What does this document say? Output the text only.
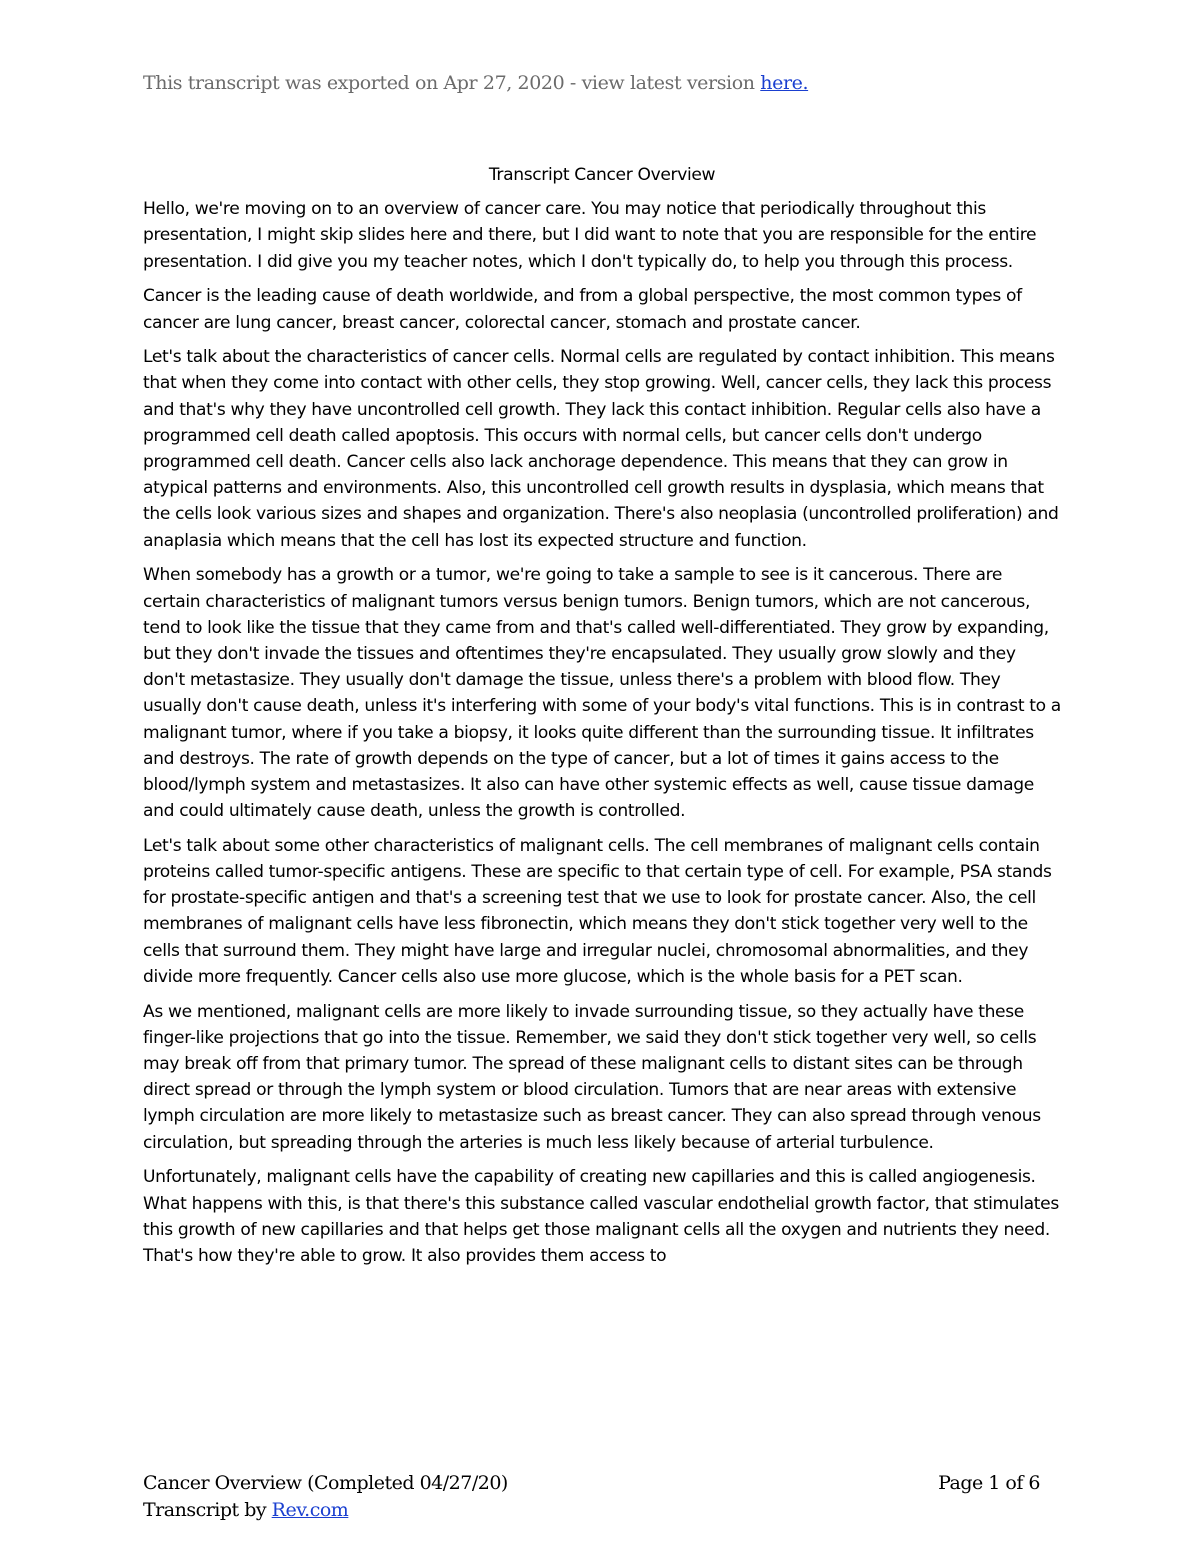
This transcript was exported on Apr 27, 2020 - view latest version here.
Transcript Cancer Overview

Hello, we're moving on to an overview of cancer care. You may notice that periodically throughout this presentation, I might skip slides here and there, but I did want to note that you are responsible for the entire presentation. I did give you my teacher notes, which I don't typically do, to help you through this process.

Cancer is the leading cause of death worldwide, and from a global perspective, the most common types of cancer are lung cancer, breast cancer, colorectal cancer, stomach and prostate cancer.

Let's talk about the characteristics of cancer cells. Normal cells are regulated by contact inhibition. This means that when they come into contact with other cells, they stop growing. Well, cancer cells, they lack this process and that's why they have uncontrolled cell growth. They lack this contact inhibition. Regular cells also have a programmed cell death called apoptosis. This occurs with normal cells, but cancer cells don't undergo programmed cell death. Cancer cells also lack anchorage dependence. This means that they can grow in atypical patterns and environments. Also, this uncontrolled cell growth results in dysplasia, which means that the cells look various sizes and shapes and organization. There's also neoplasia (uncontrolled proliferation) and anaplasia which means that the cell has lost its expected structure and function.

When somebody has a growth or a tumor, we're going to take a sample to see is it cancerous. There are certain characteristics of malignant tumors versus benign tumors. Benign tumors, which are not cancerous, tend to look like the tissue that they came from and that's called well-differentiated. They grow by expanding, but they don't invade the tissues and oftentimes they're encapsulated. They usually grow slowly and they don't metastasize. They usually don't damage the tissue, unless there's a problem with blood flow. They usually don't cause death, unless it's interfering with some of your body's vital functions. This is in contrast to a malignant tumor, where if you take a biopsy, it looks quite different than the surrounding tissue. It infiltrates and destroys. The rate of growth depends on the type of cancer, but a lot of times it gains access to the blood/lymph system and metastasizes. It also can have other systemic effects as well, cause tissue damage and could ultimately cause death, unless the growth is controlled.

Let's talk about some other characteristics of malignant cells. The cell membranes of malignant cells contain proteins called tumor-specific antigens. These are specific to that certain type of cell. For example, PSA stands for prostate-specific antigen and that's a screening test that we use to look for prostate cancer. Also, the cell membranes of malignant cells have less fibronectin, which means they don't stick together very well to the cells that surround them. They might have large and irregular nuclei, chromosomal abnormalities, and they divide more frequently. Cancer cells also use more glucose, which is the whole basis for a PET scan.

As we mentioned, malignant cells are more likely to invade surrounding tissue, so they actually have these finger-like projections that go into the tissue. Remember, we said they don't stick together very well, so cells may break off from that primary tumor. The spread of these malignant cells to distant sites can be through direct spread or through the lymph system or blood circulation. Tumors that are near areas with extensive lymph circulation are more likely to metastasize such as breast cancer. They can also spread through venous circulation, but spreading through the arteries is much less likely because of arterial turbulence.

Unfortunately, malignant cells have the capability of creating new capillaries and this is called angiogenesis. What happens with this, is that there's this substance called vascular endothelial growth factor, that stimulates this growth of new capillaries and that helps get those malignant cells all the oxygen and nutrients they need. That's how they're able to grow. It also provides them access to

Cancer Overview (Completed 04/27/20)	Page 1 of 6
Transcript by Rev.com
